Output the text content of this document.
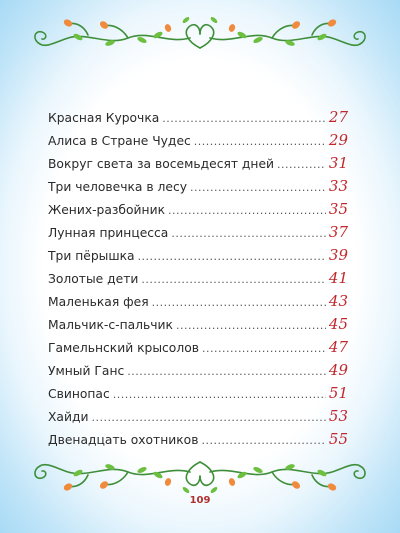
Красная Курочка .....	27
Алиса в Стране Чудес .....	29
Вокруг света за восемьдесят дней .....	31
Три человечка в лесу .....	33
Жених-разбойник .....	35
Лунная принцесса .....	37
Три пёрышка .....	39
Золотые дети .....	41
Маленькая фея .....	43
Мальчик-с-пальчик .....	45
Гамельнский крысолов .....	47
Умный Ганс .....	49
Свинопас .....	51
Хайди .....	53
Двенадцать охотников .....	55
109
